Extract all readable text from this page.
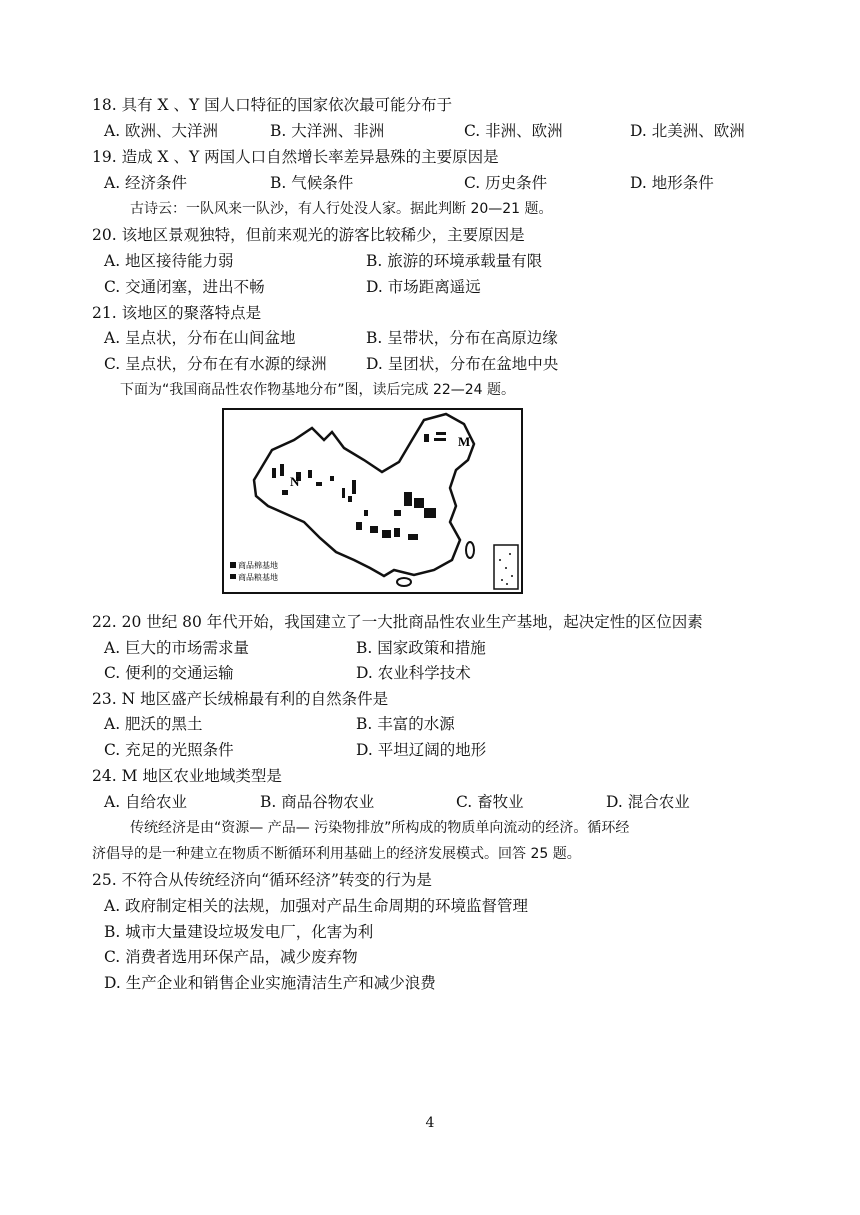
18. 具有 X 、Y 国人口特征的国家依次最可能分布于
A. 欧洲、大洋洲	B. 大洋洲、非洲	C. 非洲、欧洲	D. 北美洲、欧洲
19. 造成 X 、Y 两国人口自然增长率差异悬殊的主要原因是
A. 经济条件	B. 气候条件	C. 历史条件	D. 地形条件
古诗云：一队风来一队沙，有人行处没人家。据此判断 20—21 题。
20. 该地区景观独特，但前来观光的游客比较稀少，主要原因是
A. 地区接待能力弱	B. 旅游的环境承载量有限
C. 交通闭塞，进出不畅	D. 市场距离遥远
21. 该地区的聚落特点是
A. 呈点状，分布在山间盆地	B. 呈带状，分布在高原边缘
C. 呈点状，分布在有水源的绿洲	D. 呈团状，分布在盆地中央
下面为“我国商品性农作物基地分布”图，读后完成 22—24 题。
M
N
商品棉基地
商品粮基地
22. 20 世纪 80 年代开始，我国建立了一大批商品性农业生产基地，起决定性的区位因素
A. 巨大的市场需求量	B. 国家政策和措施
C. 便利的交通运输	D. 农业科学技术
23. N 地区盛产长绒棉最有利的自然条件是
A. 肥沃的黑土	B. 丰富的水源
C. 充足的光照条件	D. 平坦辽阔的地形
24. M 地区农业地域类型是
A. 自给农业	B. 商品谷物农业	C. 畜牧业	D. 混合农业
传统经济是由“资源— 产品— 污染物排放”所构成的物质单向流动的经济。循环经
济倡导的是一种建立在物质不断循环利用基础上的经济发展模式。回答 25 题。
25. 不符合从传统经济向“循环经济”转变的行为是
A. 政府制定相关的法规，加强对产品生命周期的环境监督管理
B. 城市大量建设垃圾发电厂，化害为利
C. 消费者选用环保产品，减少废弃物
D. 生产企业和销售企业实施清洁生产和减少浪费
4
